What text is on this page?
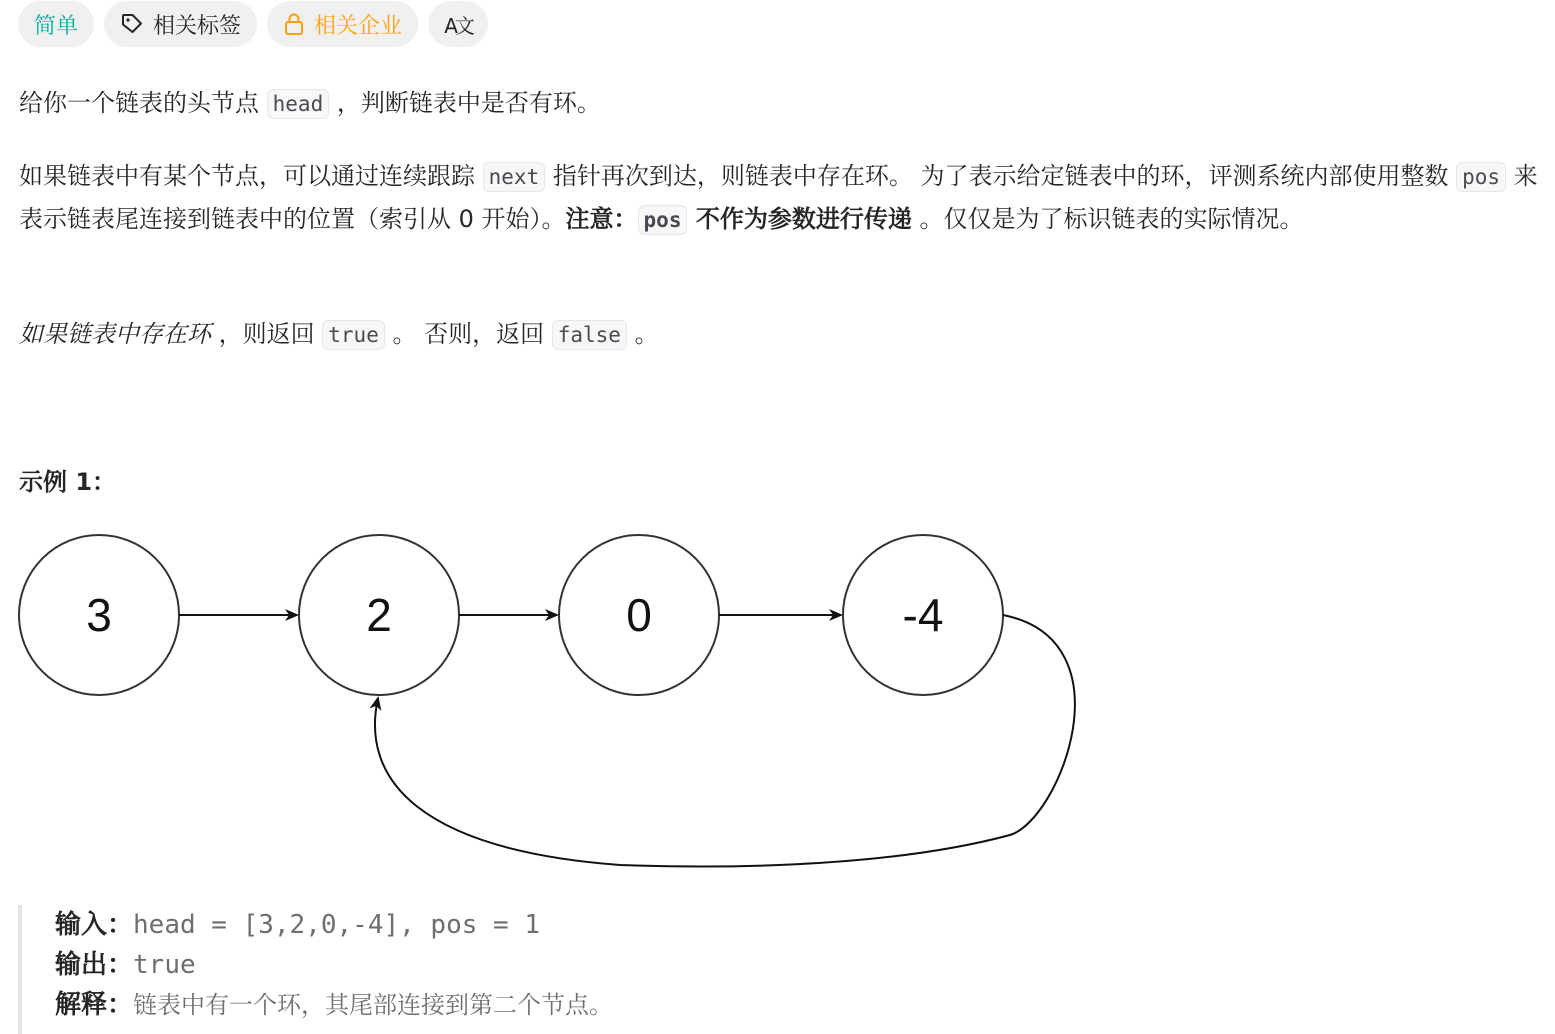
简单	相关标签	相关企业 A文

给你一个链表的头节点 head ，判断链表中是否有环。

如果链表中有某个节点，可以通过连续跟踪 next 指针再次到达，则链表中存在环。 为了表示给定链表中的环，评测系统内部使用整数 pos 来表示链表尾连接到链表中的位置（索引从 0 开始）。注意： pos 不作为参数进行传递 。仅仅是为了标识链表的实际情况。

如果链表中存在环 ，则返回 true 。 否则，返回 false 。

示例 1：
3	2	0	-4
输入：head = [3,2,0,-4], pos = 1
输出：true
解释：链表中有一个环，其尾部连接到第二个节点。
